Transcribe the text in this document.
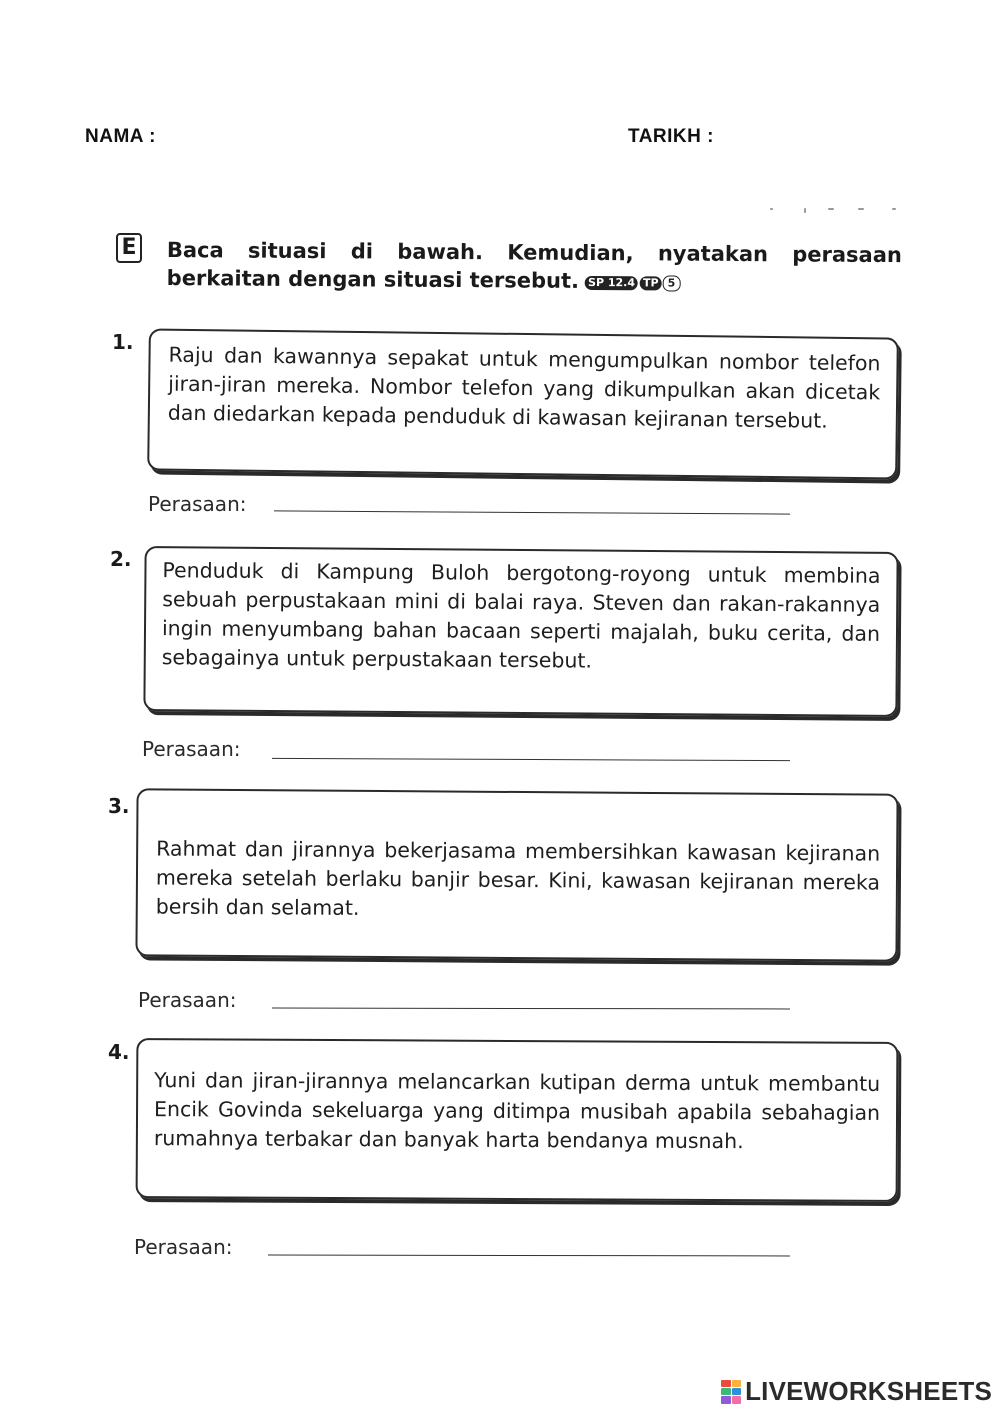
NAMA :	TARIKH :
E Baca situasi di bawah. Kemudian, nyatakan perasaan
berkaitan dengan situasi tersebut. SP 12.4 TP 5
1.

Raju dan kawannya sepakat untuk mengumpulkan nombor telefon jiran-jiran mereka. Nombor telefon yang dikumpulkan akan dicetak dan diedarkan kepada penduduk di kawasan kejiranan tersebut.

Perasaan:
2. Penduduk di Kampung Buloh bergotong-royong untuk membina sebuah perpustakaan mini di balai raya. Steven dan rakan-rakannya ingin menyumbang bahan bacaan seperti majalah, buku cerita, dan sebagainya untuk perpustakaan tersebut.

Perasaan:
3.

Rahmat dan jirannya bekerjasama membersihkan kawasan kejiranan mereka setelah berlaku banjir besar. Kini, kawasan kejiranan mereka bersih dan selamat.

Perasaan:
4.

Yuni dan jiran-jirannya melancarkan kutipan derma untuk membantu Encik Govinda sekeluarga yang ditimpa musibah apabila sebahagian rumahnya terbakar dan banyak harta bendanya musnah.

Perasaan:
LIVEWORKSHEETS
